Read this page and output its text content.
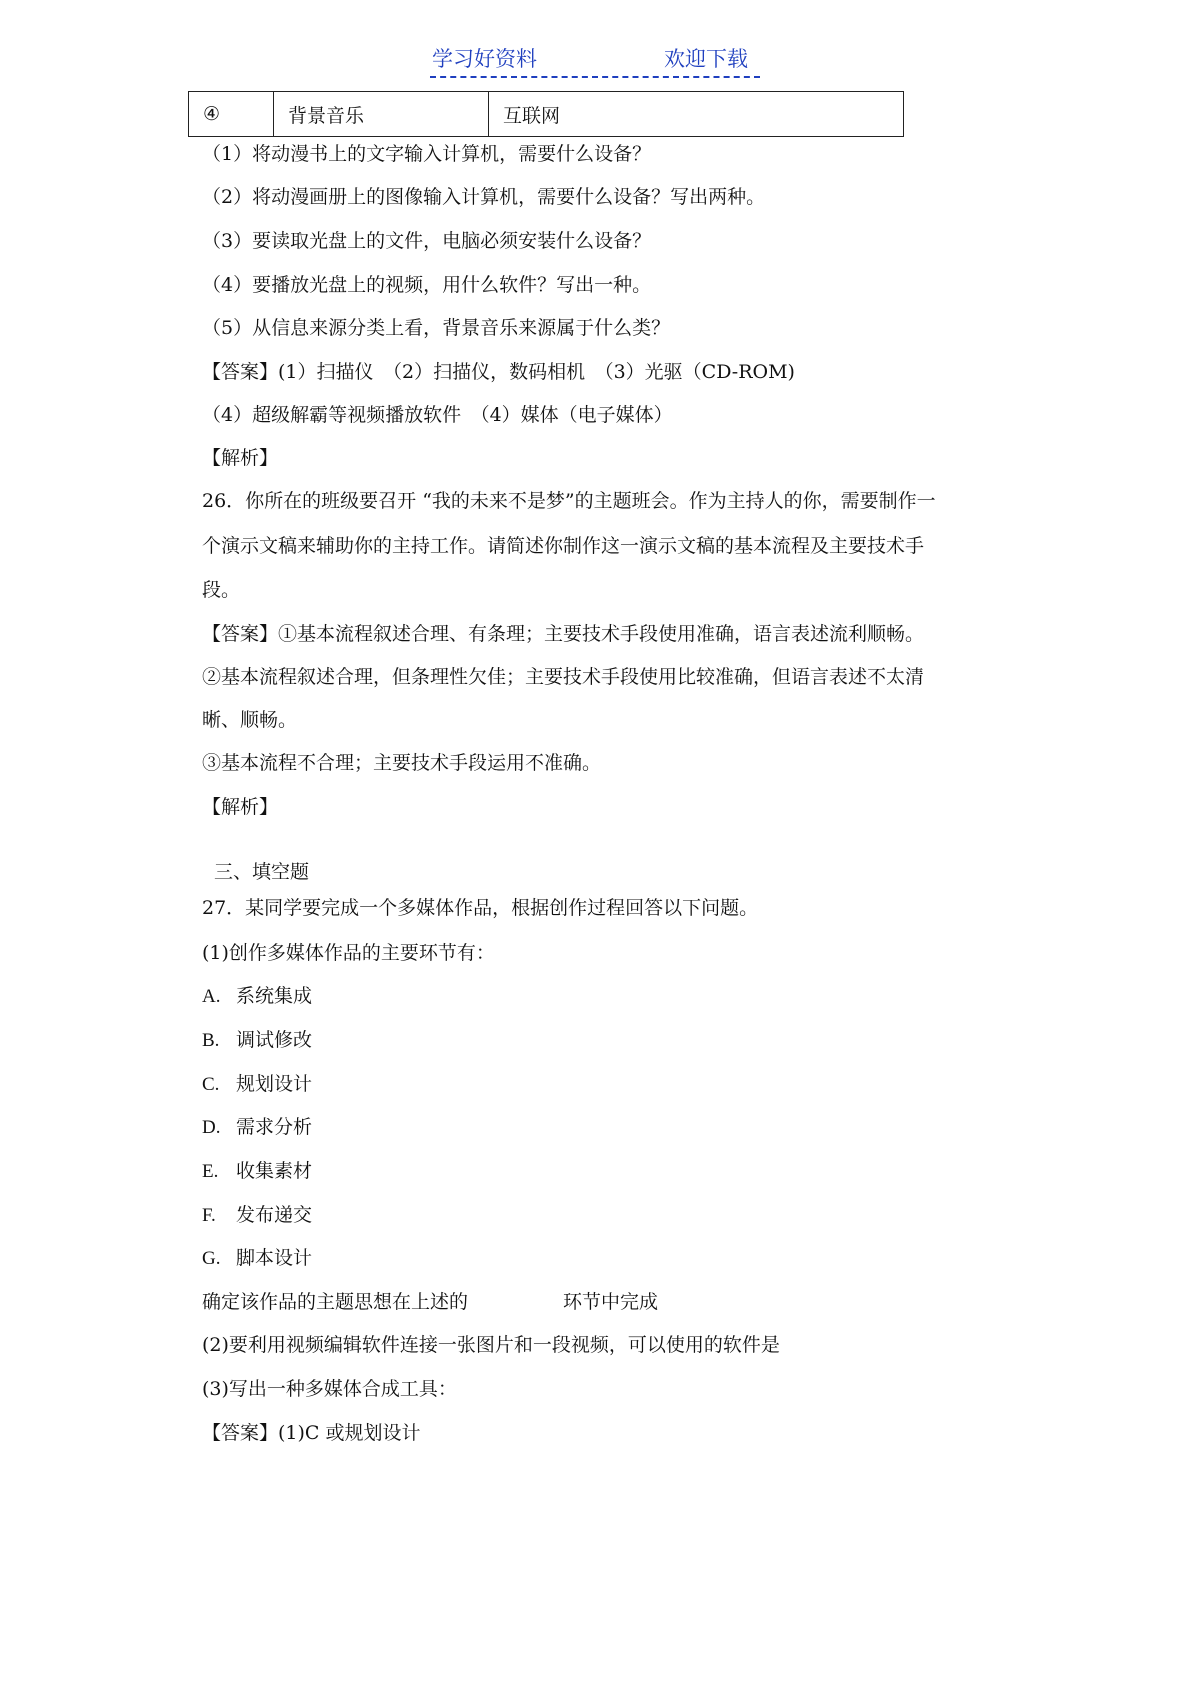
学习好资料	欢迎下载
④	背景音乐	互联网
（1）将动漫书上的文字输入计算机，需要什么设备？
（2）将动漫画册上的图像输入计算机，需要什么设备？写出两种。
（3）要读取光盘上的文件，电脑必须安装什么设备？
（4）要播放光盘上的视频，用什么软件？写出一种。
（5）从信息来源分类上看，背景音乐来源属于什么类？
【答案】(1）扫描仪　（2）扫描仪，数码相机　（3）光驱（CD-ROM)
（4）超级解霸等视频播放软件　（4）媒体（电子媒体）
【解析】
26．你所在的班级要召开 “我的未来不是梦”的主题班会。作为主持人的你，需要制作一
个演示文稿来辅助你的主持工作。请简述你制作这一演示文稿的基本流程及主要技术手
段。
【答案】①基本流程叙述合理、有条理；主要技术手段使用准确，语言表述流利顺畅。
②基本流程叙述合理，但条理性欠佳；主要技术手段使用比较准确，但语言表述不太清
晰、顺畅。
③基本流程不合理；主要技术手段运用不准确。
【解析】
三、填空题
27．某同学要完成一个多媒体作品，根据创作过程回答以下问题。
(1)创作多媒体作品的主要环节有：
A. 系统集成
B. 调试修改
C. 规划设计
D. 需求分析
E. 收集素材
F. 发布递交
G. 脚本设计
确定该作品的主题思想在上述的	环节中完成
(2)要利用视频编辑软件连接一张图片和一段视频，可以使用的软件是
(3)写出一种多媒体合成工具：
【答案】(1)C 或规划设计
